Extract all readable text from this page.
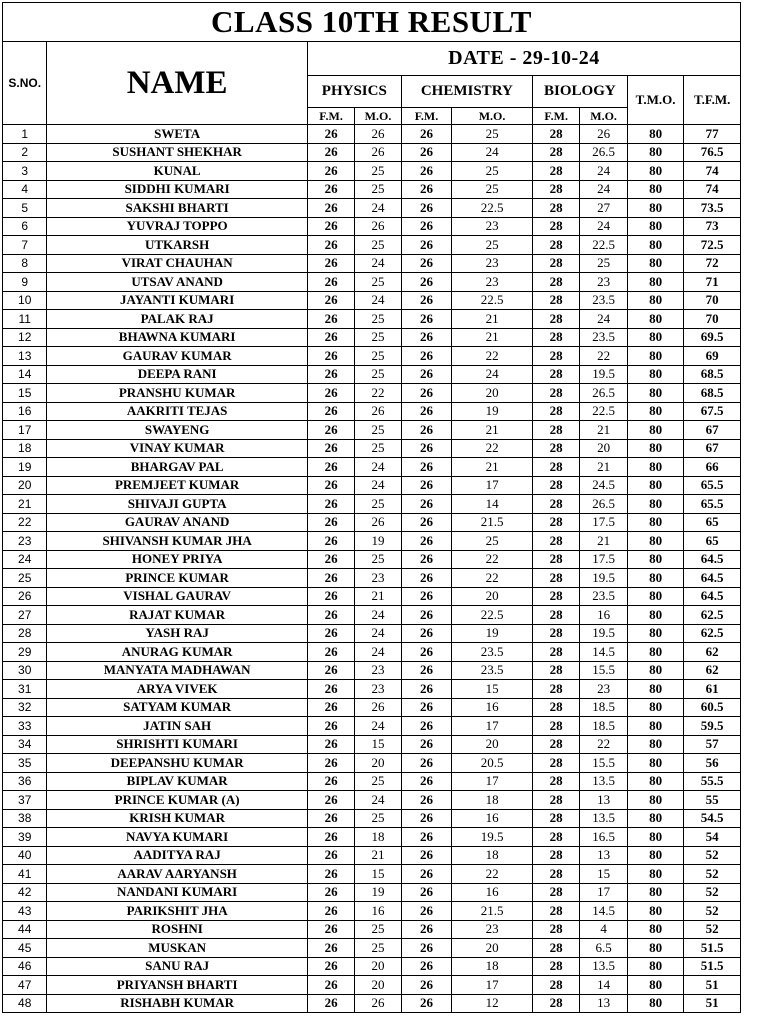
CLASS 10TH RESULT									
S.NO.	NAME	DATE - 29-10-24							
		PHYSICS		CHEMISTRY		BIOLOGY		T.M.O.	T.F.M.
		F.M.	M.O.	F.M.	M.O.	F.M.	M.O.		
1	SWETA	26	26	26	25	28	26	80	77
2	SUSHANT SHEKHAR	26	26	26	24	28	26.5	80	76.5
3	KUNAL	26	25	26	25	28	24	80	74
4	SIDDHI KUMARI	26	25	26	25	28	24	80	74
5	SAKSHI BHARTI	26	24	26	22.5	28	27	80	73.5
6	YUVRAJ TOPPO	26	26	26	23	28	24	80	73
7	UTKARSH	26	25	26	25	28	22.5	80	72.5
8	VIRAT CHAUHAN	26	24	26	23	28	25	80	72
9	UTSAV ANAND	26	25	26	23	28	23	80	71
10	JAYANTI KUMARI	26	24	26	22.5	28	23.5	80	70
11	PALAK RAJ	26	25	26	21	28	24	80	70
12	BHAWNA KUMARI	26	25	26	21	28	23.5	80	69.5
13	GAURAV KUMAR	26	25	26	22	28	22	80	69
14	DEEPA RANI	26	25	26	24	28	19.5	80	68.5
15	PRANSHU KUMAR	26	22	26	20	28	26.5	80	68.5
16	AAKRITI TEJAS	26	26	26	19	28	22.5	80	67.5
17	SWAYENG	26	25	26	21	28	21	80	67
18	VINAY KUMAR	26	25	26	22	28	20	80	67
19	BHARGAV PAL	26	24	26	21	28	21	80	66
20	PREMJEET KUMAR	26	24	26	17	28	24.5	80	65.5
21	SHIVAJI GUPTA	26	25	26	14	28	26.5	80	65.5
22	GAURAV ANAND	26	26	26	21.5	28	17.5	80	65
23	SHIVANSH KUMAR JHA	26	19	26	25	28	21	80	65
24	HONEY PRIYA	26	25	26	22	28	17.5	80	64.5
25	PRINCE KUMAR	26	23	26	22	28	19.5	80	64.5
26	VISHAL GAURAV	26	21	26	20	28	23.5	80	64.5
27	RAJAT KUMAR	26	24	26	22.5	28	16	80	62.5
28	YASH RAJ	26	24	26	19	28	19.5	80	62.5
29	ANURAG KUMAR	26	24	26	23.5	28	14.5	80	62
30	MANYATA MADHAWAN	26	23	26	23.5	28	15.5	80	62
31	ARYA VIVEK	26	23	26	15	28	23	80	61
32	SATYAM KUMAR	26	26	26	16	28	18.5	80	60.5
33	JATIN SAH	26	24	26	17	28	18.5	80	59.5
34	SHRISHTI KUMARI	26	15	26	20	28	22	80	57
35	DEEPANSHU KUMAR	26	20	26	20.5	28	15.5	80	56
36	BIPLAV KUMAR	26	25	26	17	28	13.5	80	55.5
37	PRINCE KUMAR (A)	26	24	26	18	28	13	80	55
38	KRISH KUMAR	26	25	26	16	28	13.5	80	54.5
39	NAVYA KUMARI	26	18	26	19.5	28	16.5	80	54
40	AADITYA RAJ	26	21	26	18	28	13	80	52
41	AARAV AARYANSH	26	15	26	22	28	15	80	52
42	NANDANI KUMARI	26	19	26	16	28	17	80	52
43	PARIKSHIT JHA	26	16	26	21.5	28	14.5	80	52
44	ROSHNI	26	25	26	23	28	4	80	52
45	MUSKAN	26	25	26	20	28	6.5	80	51.5
46	SANU RAJ	26	20	26	18	28	13.5	80	51.5
47	PRIYANSH BHARTI	26	20	26	17	28	14	80	51
48	RISHABH KUMAR	26	26	26	12	28	13	80	51
